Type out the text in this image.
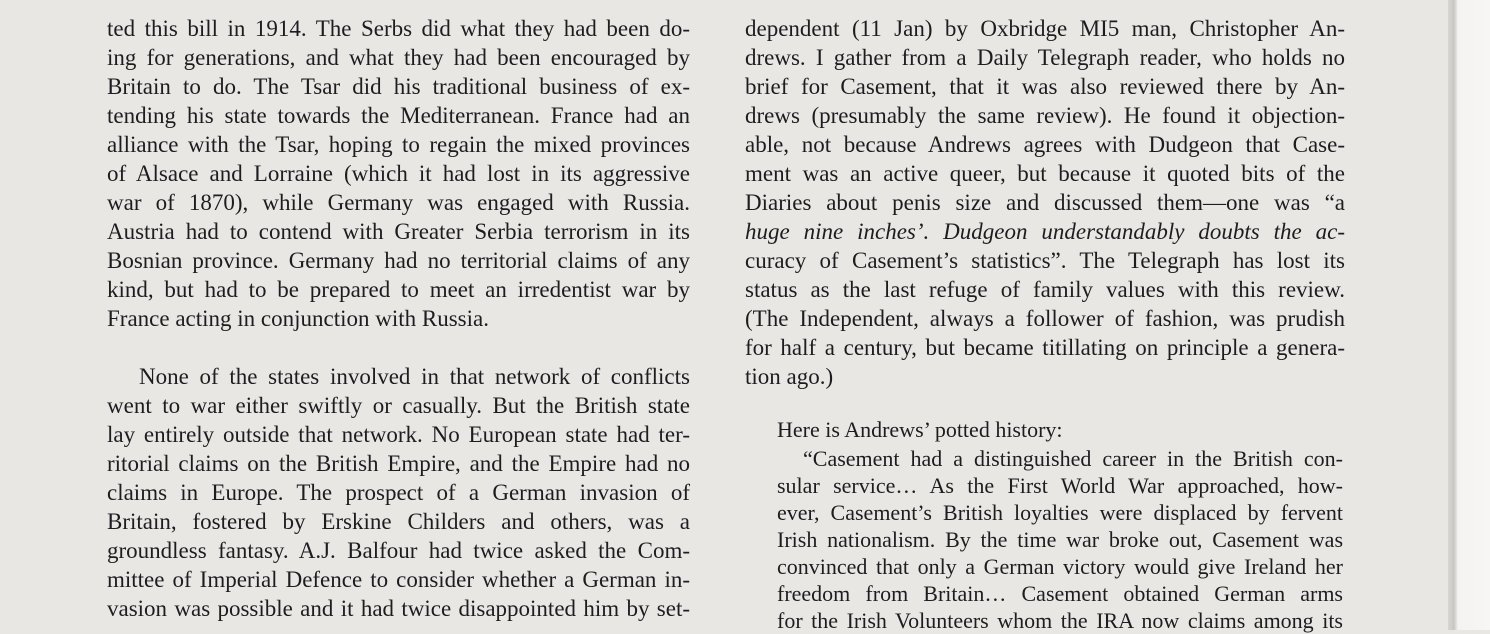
ted this bill in 1914. The Serbs did what they had been do-
ing for generations, and what they had been encouraged by
Britain to do. The Tsar did his traditional business of ex-
tending his state towards the Mediterranean. France had an
alliance with the Tsar, hoping to regain the mixed provinces
of Alsace and Lorraine (which it had lost in its aggressive
war of 1870), while Germany was engaged with Russia.
Austria had to contend with Greater Serbia terrorism in its
Bosnian province. Germany had no territorial claims of any
kind, but had to be prepared to meet an irredentist war by
France acting in conjunction with Russia.
None of the states involved in that network of conflicts
went to war either swiftly or casually. But the British state
lay entirely outside that network. No European state had ter-
ritorial claims on the British Empire, and the Empire had no
claims in Europe. The prospect of a German invasion of
Britain, fostered by Erskine Childers and others, was a
groundless fantasy. A.J. Balfour had twice asked the Com-
mittee of Imperial Defence to consider whether a German in-
vasion was possible and it had twice disappointed him by set-

dependent (11 Jan) by Oxbridge MI5 man, Christopher An-
drews. I gather from a Daily Telegraph reader, who holds no
brief for Casement, that it was also reviewed there by An-
drews (presumably the same review). He found it objection-
able, not because Andrews agrees with Dudgeon that Case-
ment was an active queer, but because it quoted bits of the
Diaries about penis size and discussed them—one was “a
huge nine inches’. Dudgeon understandably doubts the ac-
curacy of Casement’s statistics”. The Telegraph has lost its
status as the last refuge of family values with this review.
(The Independent, always a follower of fashion, was prudish
for half a century, but became titillating on principle a genera-
tion ago.)
Here is Andrews’ potted history:
“Casement had a distinguished career in the British con-
sular service… As the First World War approached, how-
ever, Casement’s British loyalties were displaced by fervent
Irish nationalism. By the time war broke out, Casement was
convinced that only a German victory would give Ireland her
freedom from Britain… Casement obtained German arms
for the Irish Volunteers whom the IRA now claims among its
